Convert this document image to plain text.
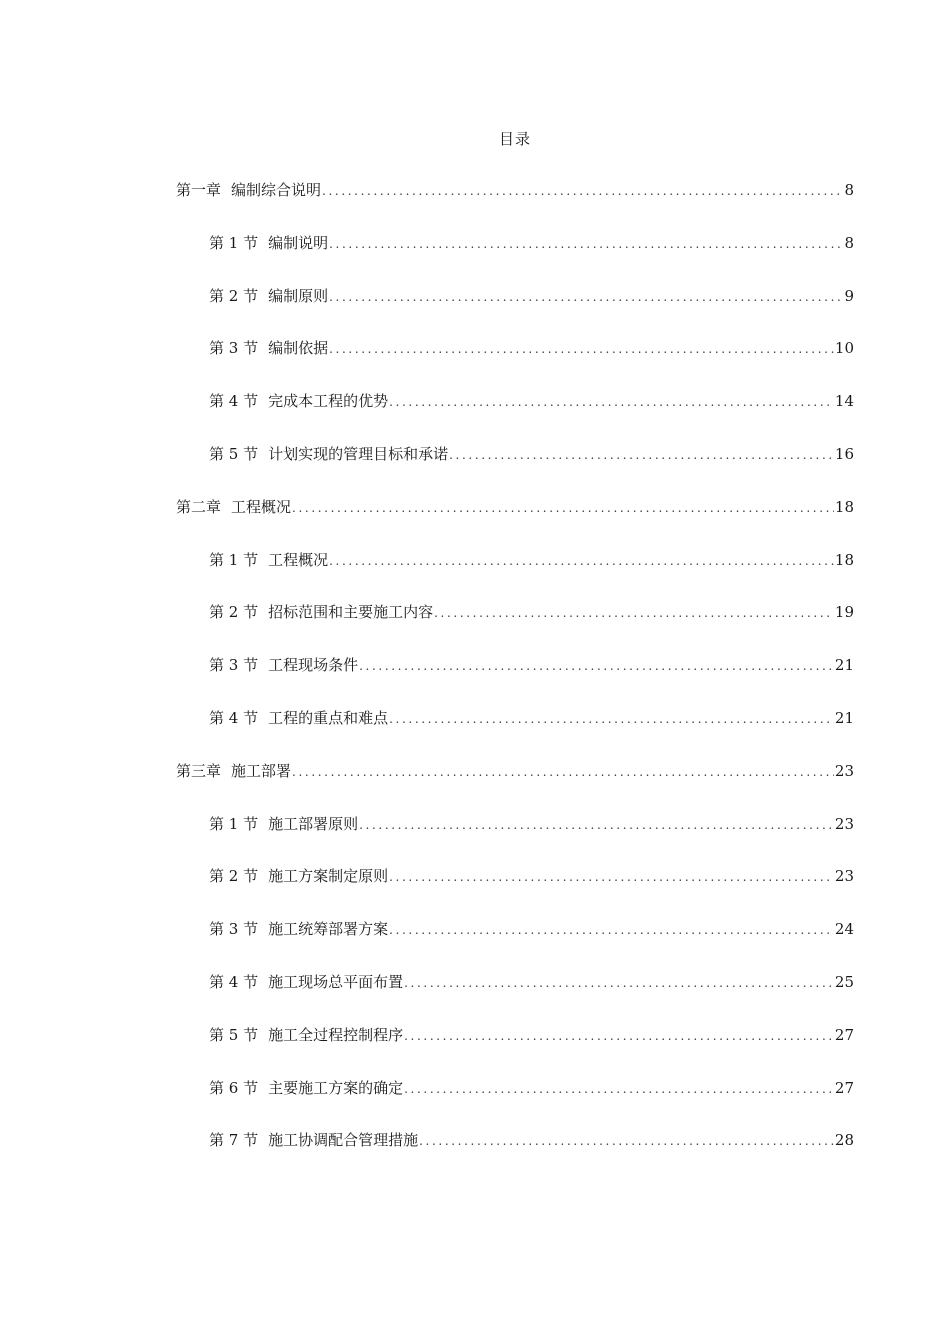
目录
第一章 编制综合说明 . . .	8
第 1 节 编制说明 . . .	8
第 2 节 编制原则 . . .	9
第 3 节 编制依据 . . .	10
第 4 节 完成本工程的优势 . . .	14
第 5 节 计划实现的管理目标和承诺 . . .	16
第二章 工程概况 . . .	18
第 1 节 工程概况 . . .	18
第 2 节 招标范围和主要施工内容 . . .	19
第 3 节 工程现场条件 . . .	21
第 4 节 工程的重点和难点 . . .	21
第三章 施工部署 . . .	23
第 1 节 施工部署原则 . . .	23
第 2 节 施工方案制定原则 . . .	23
第 3 节 施工统筹部署方案 . . .	24
第 4 节 施工现场总平面布置 . . .	25
第 5 节 施工全过程控制程序 . . .	27
第 6 节 主要施工方案的确定 . . .	27
第 7 节 施工协调配合管理措施 . . .	28
